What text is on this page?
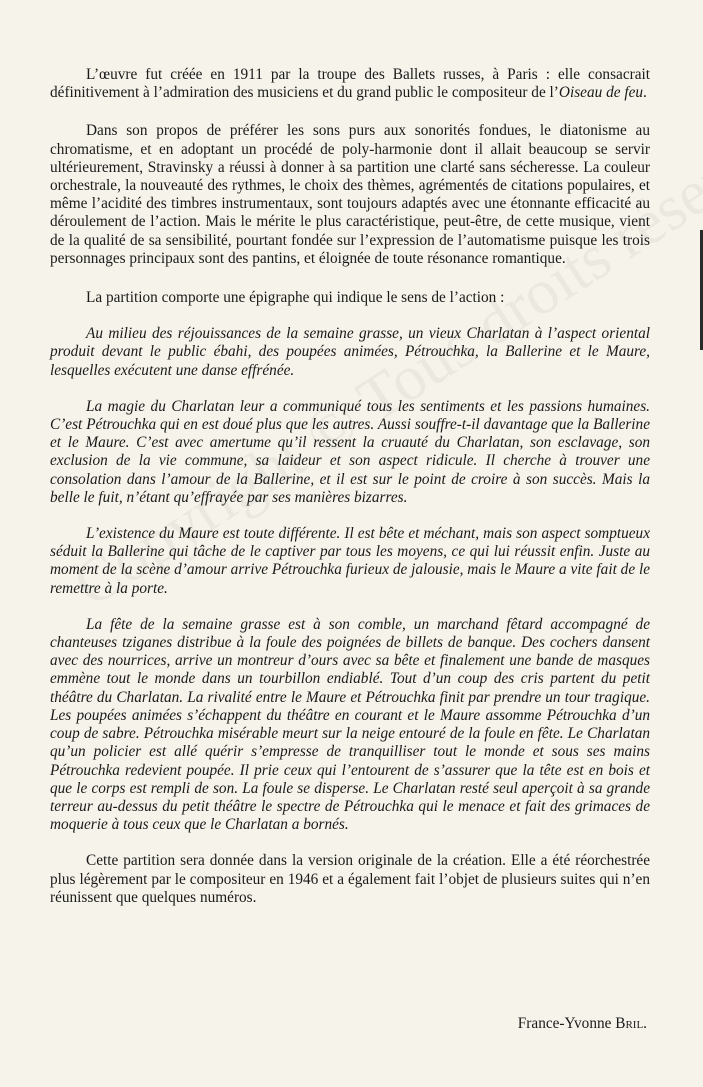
L’œuvre fut créée en 1911 par la troupe des Ballets russes, à Paris : elle consacrait définitivement à l’admiration des musiciens et du grand public le compositeur de l’Oiseau de feu.

Dans son propos de préférer les sons purs aux sonorités fondues, le diatonisme au chromatisme, et en adoptant un procédé de poly-harmonie dont il allait beaucoup se servir ultérieurement, Stravinsky a réussi à donner à sa partition une clarté sans sécheresse. La couleur orchestrale, la nouveauté des rythmes, le choix des thèmes, agrémentés de citations populaires, et même l’acidité des timbres instrumentaux, sont toujours adaptés avec une étonnante efficacité au déroulement de l’action. Mais le mérite le plus caractéristique, peut-être, de cette musique, vient de la qualité de sa sensibilité, pourtant fondée sur l’expression de l’automatisme puisque les trois personnages principaux sont des pantins, et éloignée de toute résonance romantique.

La partition comporte une épigraphe qui indique le sens de l’action :

Au milieu des réjouissances de la semaine grasse, un vieux Charlatan à l’aspect oriental produit devant le public ébahi, des poupées animées, Pétrouchka, la Ballerine et le Maure, lesquelles exécutent une danse effrénée.

La magie du Charlatan leur a communiqué tous les sentiments et les passions humaines. C’est Pétrouchka qui en est doué plus que les autres. Aussi souffre-t-il davantage que la Ballerine et le Maure. C’est avec amertume qu’il ressent la cruauté du Charlatan, son esclavage, son exclusion de la vie commune, sa laideur et son aspect ridicule. Il cherche à trouver une consolation dans l’amour de la Ballerine, et il est sur le point de croire à son succès. Mais la belle le fuit, n’étant qu’effrayée par ses manières bizarres.

L’existence du Maure est toute différente. Il est bête et méchant, mais son aspect somptueux séduit la Ballerine qui tâche de le captiver par tous les moyens, ce qui lui réussit enfin. Juste au moment de la scène d’amour arrive Pétrouchka furieux de jalousie, mais le Maure a vite fait de le remettre à la porte.

La fête de la semaine grasse est à son comble, un marchand fêtard accompagné de chanteuses tziganes distribue à la foule des poignées de billets de banque. Des cochers dansent avec des nourrices, arrive un montreur d’ours avec sa bête et finalement une bande de masques emmène tout le monde dans un tourbillon endiablé. Tout d’un coup des cris partent du petit théâtre du Charlatan. La rivalité entre le Maure et Pétrouchka finit par prendre un tour tragique. Les poupées animées s’échappent du théâtre en courant et le Maure assomme Pétrouchka d’un coup de sabre. Pétrouchka misérable meurt sur la neige entouré de la foule en fête. Le Charlatan qu’un policier est allé quérir s’empresse de tranquilliser tout le monde et sous ses mains Pétrouchka redevient poupée. Il prie ceux qui l’entourent de s’assurer que la tête est en bois et que le corps est rempli de son. La foule se disperse. Le Charlatan resté seul aperçoit à sa grande terreur au-dessus du petit théâtre le spectre de Pétrouchka qui le menace et fait des grimaces de moquerie à tous ceux que le Charlatan a bornés.

Cette partition sera donnée dans la version originale de la création. Elle a été réorchestrée plus légèrement par le compositeur en 1946 et a également fait l’objet de plusieurs suites qui n’en réunissent que quelques numéros.

France-Yvonne Bril.
